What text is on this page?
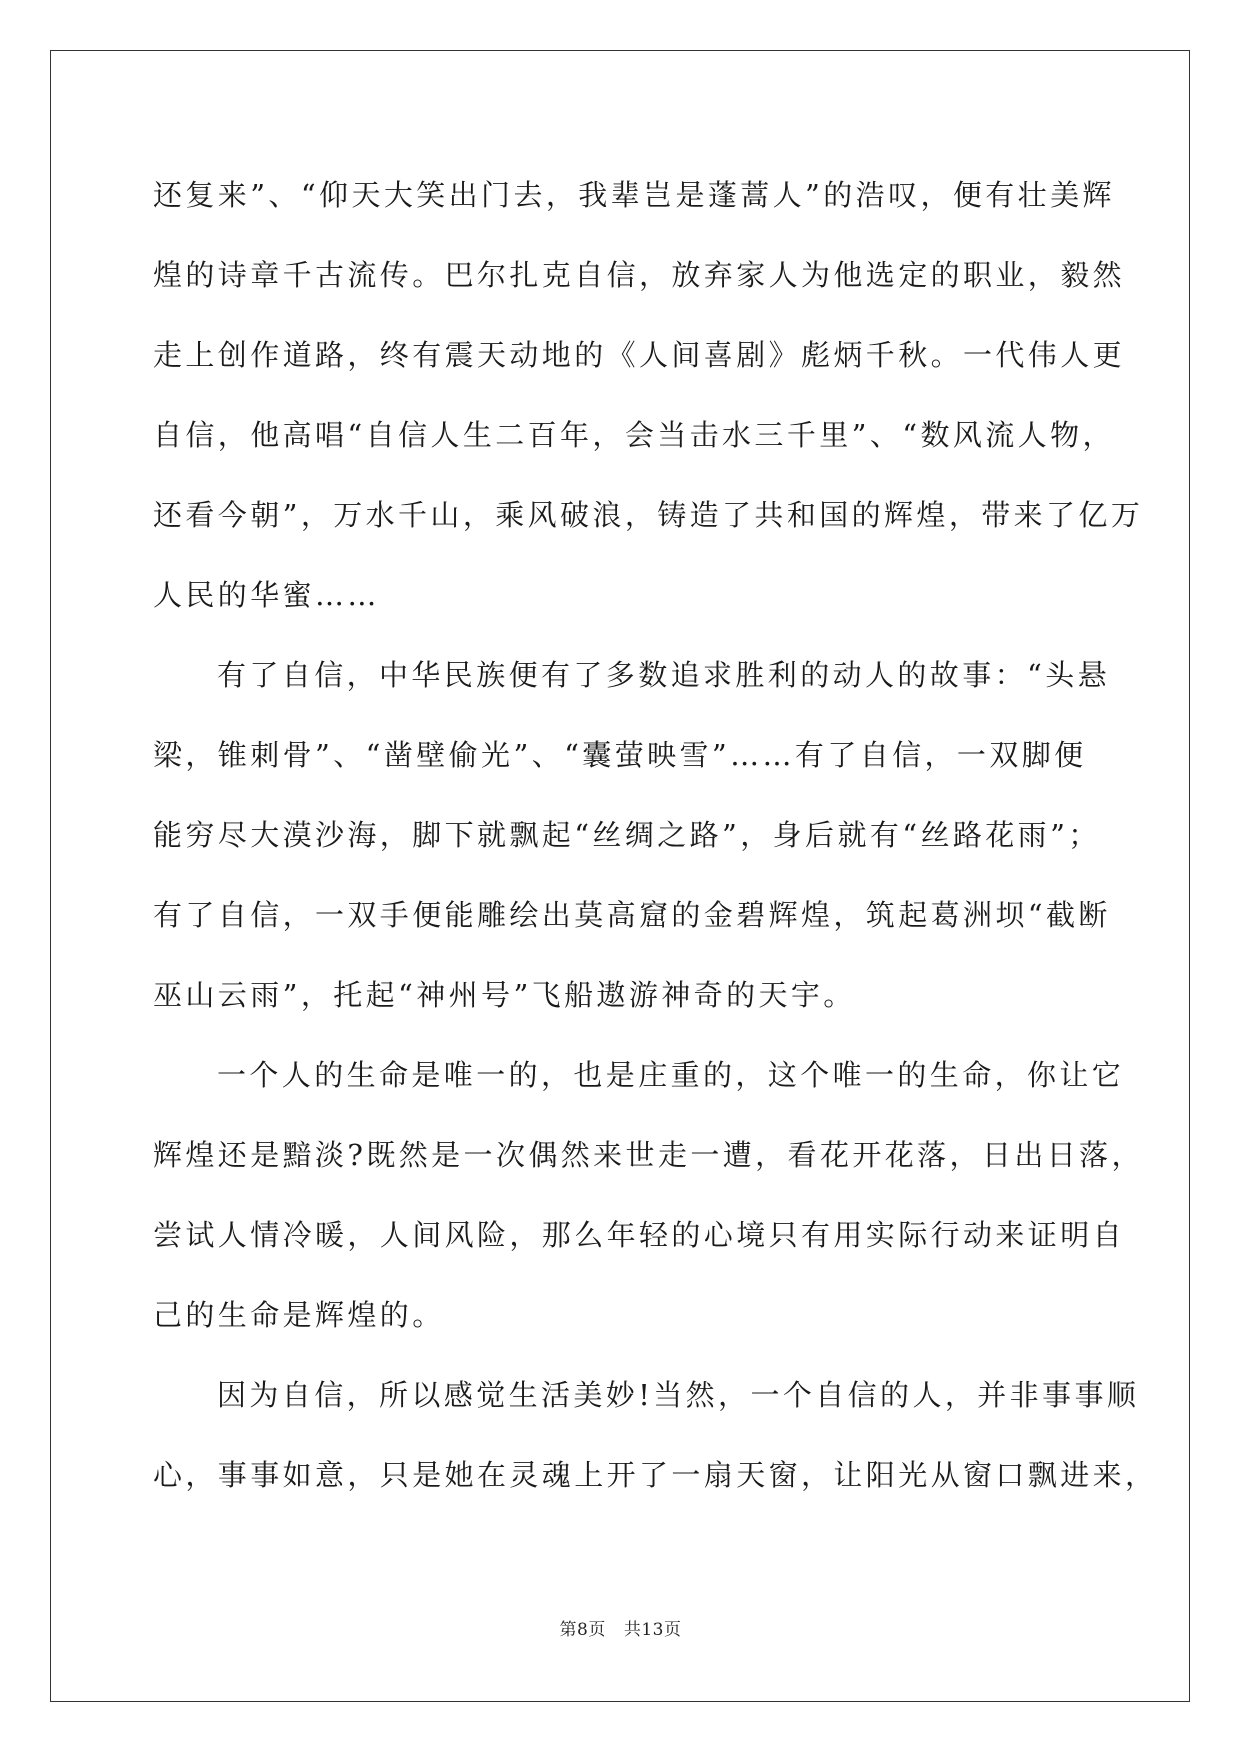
还复来”、“仰天大笑出门去，我辈岂是蓬蒿人”的浩叹，便有壮美辉

煌的诗章千古流传。巴尔扎克自信，放弃家人为他选定的职业，毅然

走上创作道路，终有震天动地的《人间喜剧》彪炳千秋。一代伟人更

自信，他高唱“自信人生二百年，会当击水三千里”、“数风流人物，

还看今朝”，万水千山，乘风破浪，铸造了共和国的辉煌，带来了亿万

人民的华蜜……

有了自信，中华民族便有了多数追求胜利的动人的故事：“头悬

梁，锥刺骨”、“凿壁偷光”、“囊萤映雪”……有了自信，一双脚便

能穷尽大漠沙海，脚下就飘起“丝绸之路”，身后就有“丝路花雨”；

有了自信，一双手便能雕绘出莫高窟的金碧辉煌，筑起葛洲坝“截断

巫山云雨”，托起“神州号”飞船遨游神奇的天宇。

一个人的生命是唯一的，也是庄重的，这个唯一的生命，你让它

辉煌还是黯淡?既然是一次偶然来世走一遭，看花开花落，日出日落，

尝试人情冷暖，人间风险，那么年轻的心境只有用实际行动来证明自

己的生命是辉煌的。

因为自信，所以感觉生活美妙!当然，一个自信的人，并非事事顺

心，事事如意，只是她在灵魂上开了一扇天窗，让阳光从窗口飘进来，

第8页 共13页
